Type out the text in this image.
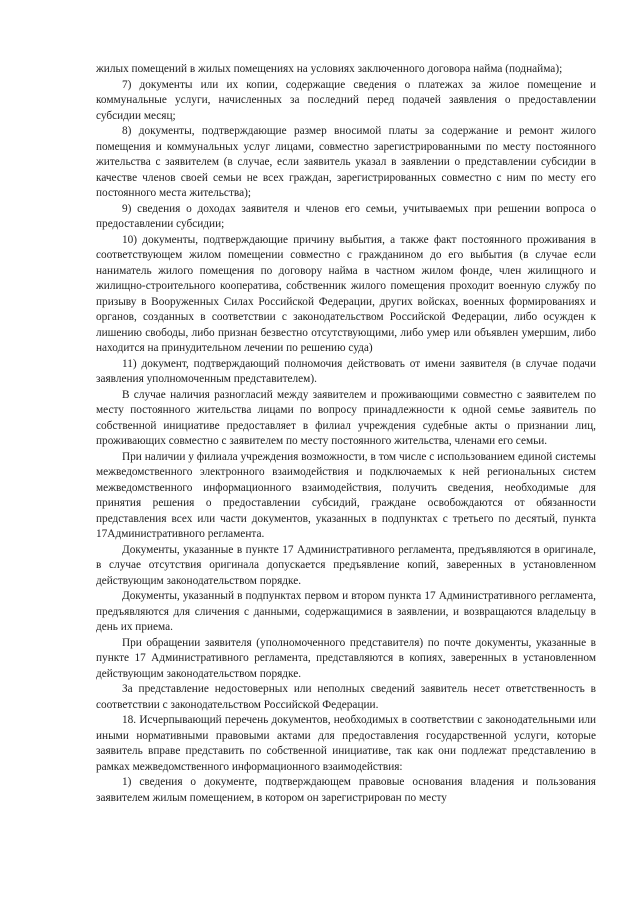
жилых помещений в жилых помещениях на условиях заключенного договора найма (поднайма);

7) документы или их копии, содержащие сведения о платежах за жилое помещение и коммунальные услуги, начисленных за последний перед подачей заявления о предоставлении субсидии месяц;

8) документы, подтверждающие размер вносимой платы за содержание и ремонт жилого помещения и коммунальных услуг лицами, совместно зарегистрированными по месту постоянного жительства с заявителем (в случае, если заявитель указал в заявлении о представлении субсидии в качестве членов своей семьи не всех граждан, зарегистрированных совместно с ним по месту его постоянного места жительства);

9) сведения о доходах заявителя и членов его семьи, учитываемых при решении вопроса о предоставлении субсидии;

10) документы, подтверждающие причину выбытия, а также факт постоянного проживания в соответствующем жилом помещении совместно с гражданином до его выбытия (в случае если наниматель жилого помещения по договору найма в частном жилом фонде, член жилищного и жилищно-строительного кооператива, собственник жилого помещения проходит военную службу по призыву в Вооруженных Силах Российской Федерации, других войсках, военных формированиях и органов, созданных в соответствии с законодательством Российской Федерации, либо осужден к лишению свободы, либо признан безвестно отсутствующими, либо умер или объявлен умершим, либо находится на принудительном лечении по решению суда)

11) документ, подтверждающий полномочия действовать от имени заявителя (в случае подачи заявления уполномоченным представителем).

В случае наличия разногласий между заявителем и проживающими совместно с заявителем по месту постоянного жительства лицами по вопросу принадлежности к одной семье заявитель по собственной инициативе предоставляет в филиал учреждения судебные акты о признании лиц, проживающих совместно с заявителем по месту постоянного жительства, членами его семьи.

При наличии у филиала учреждения возможности, в том числе с использованием единой системы межведомственного электронного взаимодействия и подключаемых к ней региональных систем межведомственного информационного взаимодействия, получить сведения, необходимые для принятия решения о предоставлении субсидий, граждане освобождаются от обязанности представления всех или части документов, указанных в подпунктах с третьего по десятый, пункта 17Административного регламента.

Документы, указанные в пункте 17 Административного регламента, предъявляются в оригинале, в случае отсутствия оригинала допускается предъявление копий, заверенных в установленном действующим законодательством порядке.

Документы, указанный в подпунктах первом и втором пункта 17 Административного регламента, предъявляются для сличения с данными, содержащимися в заявлении, и возвращаются владельцу в день их приема.

При обращении заявителя (уполномоченного представителя) по почте документы, указанные в пункте 17 Административного регламента, представляются в копиях, заверенных в установленном действующим законодательством порядке.

За представление недостоверных или неполных сведений заявитель несет ответственность в соответствии с законодательством Российской Федерации.

18. Исчерпывающий перечень документов, необходимых в соответствии с законодательными или иными нормативными правовыми актами для предоставления государственной услуги, которые заявитель вправе представить по собственной инициативе, так как они подлежат представлению в рамках межведомственного информационного взаимодействия:

1) сведения о документе, подтверждающем правовые основания владения и пользования заявителем жилым помещением, в котором он зарегистрирован по месту
